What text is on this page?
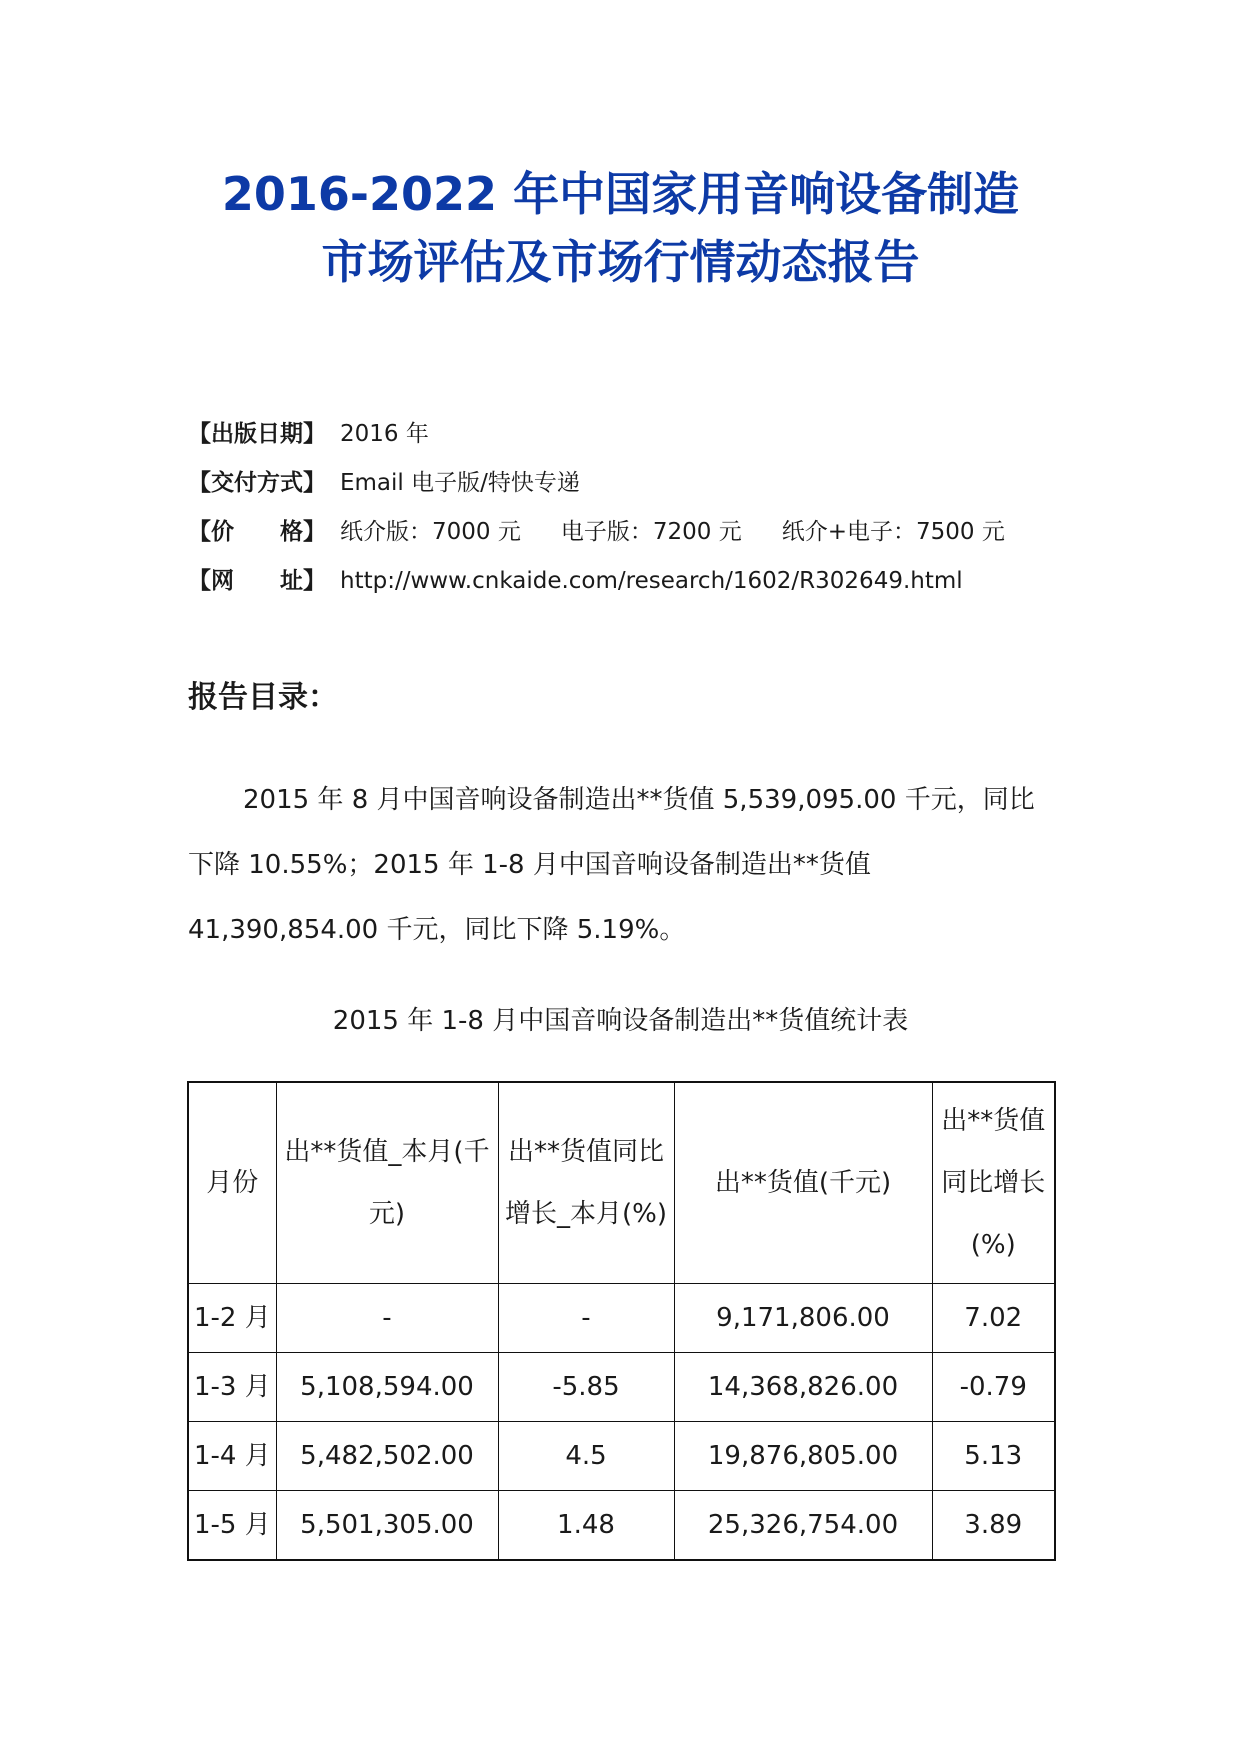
2016-2022 年中国家用音响设备制造
市场评估及市场行情动态报告
【出版日期】 2016 年
【交付方式】 Email 电子版/特快专递
【价　　格】 纸介版：7000 元 电子版：7200 元 纸介+电子：7500 元
【网　　址】 http://www.cnkaide.com/research/1602/R302649.html
报告目录：
2015 年 8 月中国音响设备制造出**货值 5,539,095.00 千元，同比下降 10.55%；2015 年 1-8 月中国音响设备制造出**货值 41,390,854.00 千元，同比下降 5.19%。
2015 年 1-8 月中国音响设备制造出**货值统计表
月份	出**货值_本月(千元)	出**货值同比增长_本月(%)	出**货值(千元)	出**货值同比增长(%)
1-2 月	-	-	9,171,806.00	7.02
1-3 月	5,108,594.00	-5.85	14,368,826.00	-0.79
1-4 月	5,482,502.00	4.5	19,876,805.00	5.13
1-5 月	5,501,305.00	1.48	25,326,754.00	3.89
